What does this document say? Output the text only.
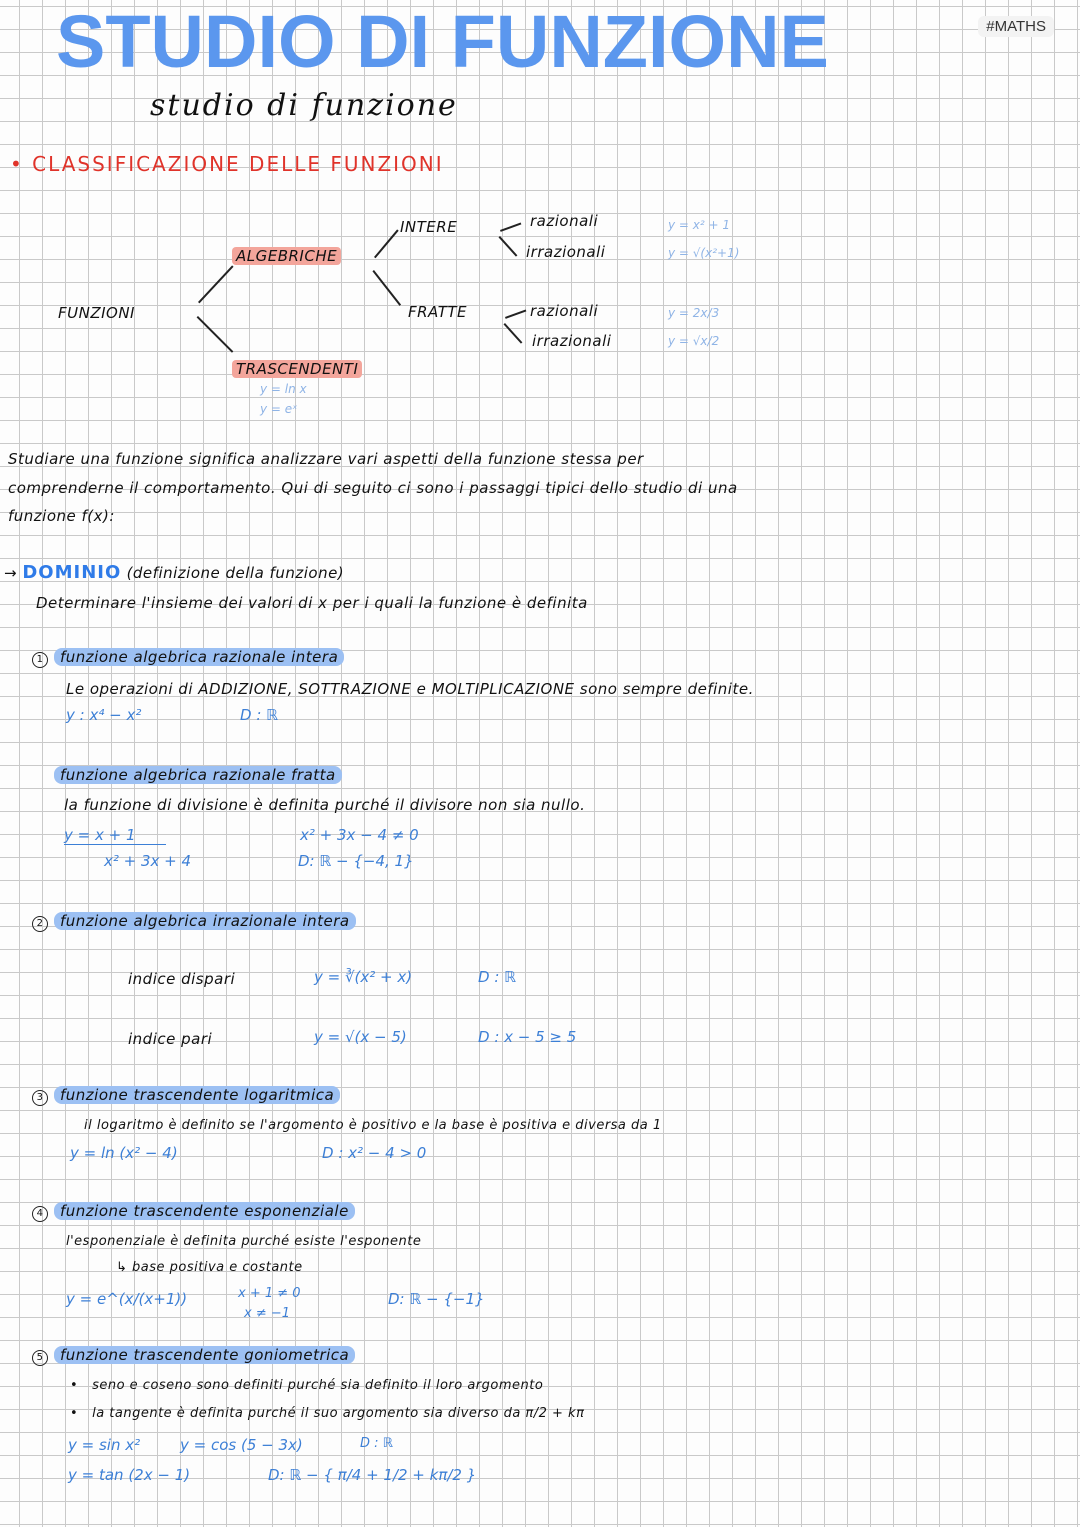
STUDIO DI FUNZIONE
studio di funzione
#MATHS
• CLASSIFICAZIONE DELLE FUNZIONI
FUNZIONI
ALGEBRICHE
TRASCENDENTI
y = ln x
y = eˣ
INTERE
FRATTE
razionali
irrazionali
razionali
irrazionali
y = x² + 1
y = √(x²+1)
y = 2x/3
y = √x/2
Studiare una funzione significa analizzare vari aspetti della funzione stessa per
comprenderne il comportamento. Qui di seguito ci sono i passaggi tipici dello studio di una
funzione f(x):
→ DOMINIO (definizione della funzione)
Determinare l'insieme dei valori di x per i quali la funzione è definita
1 funzione algebrica razionale intera
Le operazioni di ADDIZIONE, SOTTRAZIONE e MOLTIPLICAZIONE sono sempre definite.
y : x⁴ − x²	D : ℝ
funzione algebrica razionale fratta
la funzione di divisione è definita purché il divisore non sia nullo.
y = x + 1
x² + 3x + 4
x² + 3x − 4 ≠ 0
D: ℝ − {−4, 1}
2 funzione algebrica irrazionale intera
indice dispari	y = ∛(x² + x)	D : ℝ
indice pari	y = √(x − 5)	D : x − 5 ≥ 5
3 funzione trascendente logaritmica
il logaritmo è definito se l'argomento è positivo e la base è positiva e diversa da 1
y = ln (x² − 4)	D : x² − 4 > 0
4 funzione trascendente esponenziale
l'esponenziale è definita purché esiste l'esponente
↳ base positiva e costante
y = e^(x/(x+1))	x + 1 ≠ 0
x ≠ −1
D: ℝ − {−1}
5 funzione trascendente goniometrica
•   seno e coseno sono definiti purché sia definito il loro argomento
•   la tangente è definita purché il suo argomento sia diverso da π/2 + kπ
y = sin x²	y = cos (5 − 3x)	D : ℝ
y = tan (2x − 1)	D: ℝ − { π/4 + 1/2 + kπ/2 }
